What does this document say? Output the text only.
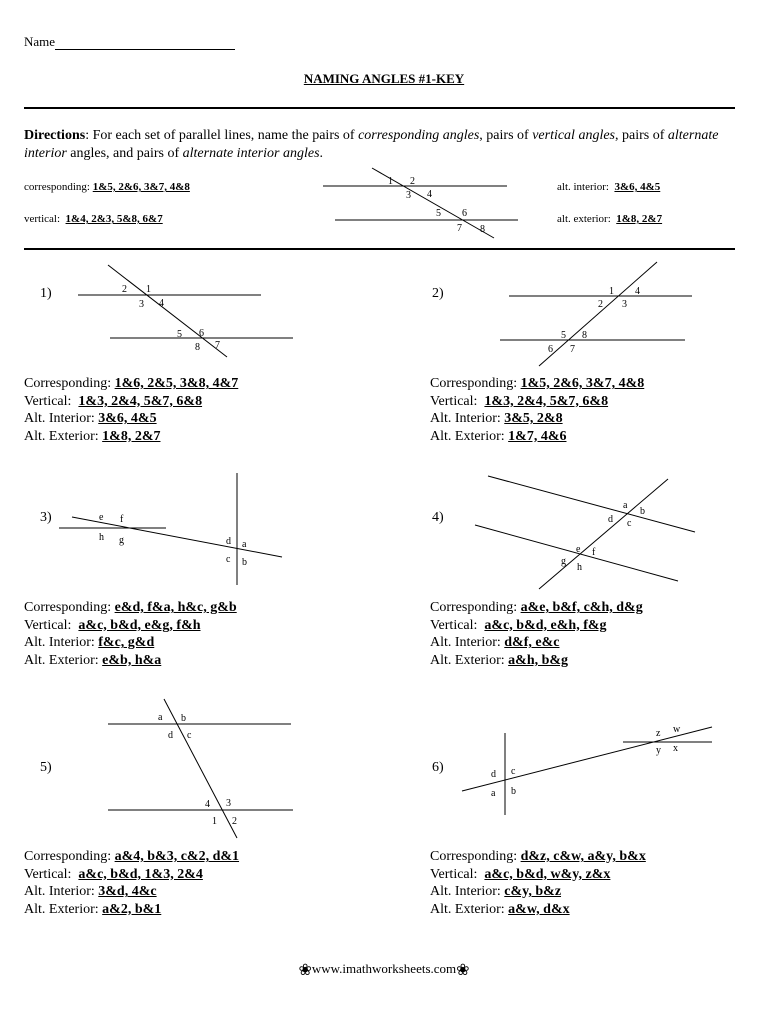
Name
NAMING ANGLES #1-KEY
Directions: For each set of parallel lines, name the pairs of corresponding angles, pairs of vertical angles, pairs of alternate interior angles, and pairs of alternate interior angles.
corresponding: 1&5, 2&6, 3&7, 4&8
vertical: 1&4, 2&3, 5&8, 6&7
alt. interior: 3&6, 4&5
alt. exterior: 1&8, 2&7
1 2
3 4
5 6
7 8
2 1
3 4
5 6
8 7
1 4
2 3
5 8
6 7
e f
h g	d a
c b
a
b
d c
e f
g
h
a b
d c
4 3
1 2
z w
y x
d c
a b
1)	2)
3)	4)
5)	6)
Corresponding: 1&6, 2&5, 3&8, 4&7
Vertical: 1&3, 2&4, 5&7, 6&8
Alt. Interior: 3&6, 4&5
Alt. Exterior: 1&8, 2&7
Corresponding: 1&5, 2&6, 3&7, 4&8
Vertical: 1&3, 2&4, 5&7, 6&8
Alt. Interior: 3&5, 2&8
Alt. Exterior: 1&7, 4&6
Corresponding: e&d, f&a, h&c, g&b
Vertical: a&c, b&d, e&g, f&h
Alt. Interior: f&c, g&d
Alt. Exterior: e&b, h&a
Corresponding: a&e, b&f, c&h, d&g
Vertical: a&c, b&d, e&h, f&g
Alt. Interior: d&f, e&c
Alt. Exterior: a&h, b&g
Corresponding: a&4, b&3, c&2, d&1
Vertical: a&c, b&d, 1&3, 2&4
Alt. Interior: 3&d, 4&c
Alt. Exterior: a&2, b&1
Corresponding: d&z, c&w, a&y, b&x
Vertical: a&c, b&d, w&y, z&x
Alt. Interior: c&y, b&z
Alt. Exterior: a&w, d&x
❀www.imathworksheets.com❀
